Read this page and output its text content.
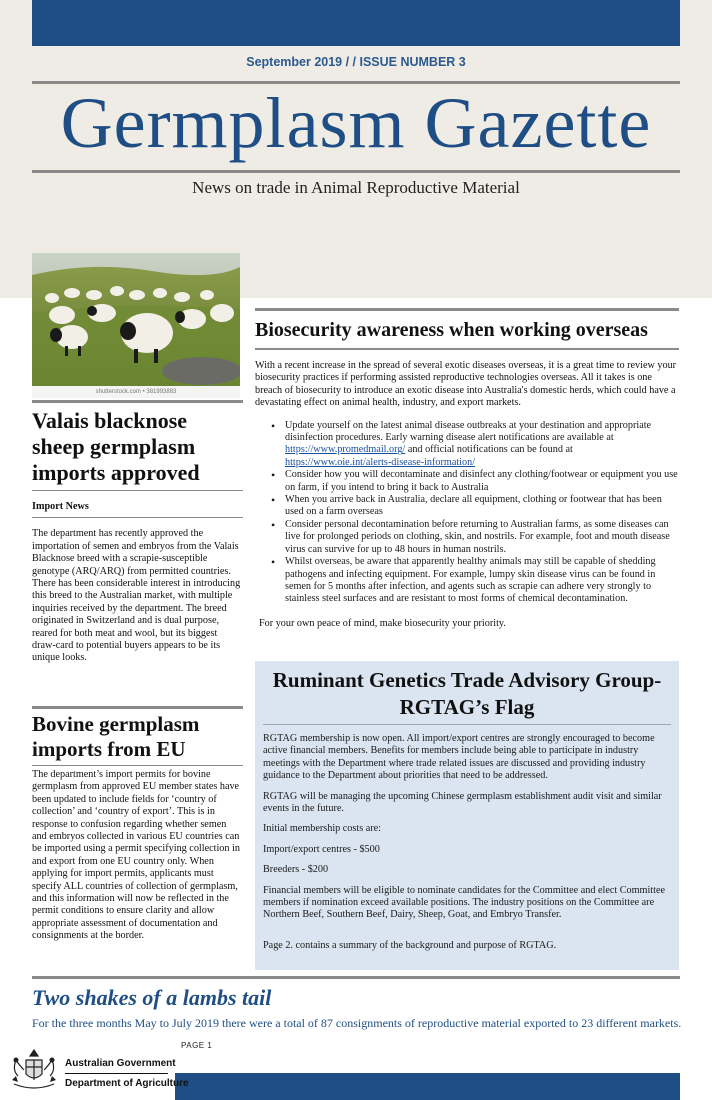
September 2019 / / ISSUE NUMBER 3
Germplasm Gazette
News on trade in Animal Reproductive Material
shutterstock.com • 381993883
Valais blacknose sheep germplasm imports approved
Import News
The department has recently approved the importation of semen and embryos from the Valais Blacknose breed with a scrapie-susceptible genotype (ARQ/ARQ) from permitted countries. There has been considerable interest in introducing this breed to the Australian market, with multiple inquiries received by the department. The breed originated in Switzerland and is dual purpose, reared for both meat and wool, but its biggest draw-card to potential buyers appears to be its unique looks.
Bovine germplasm imports from EU
The department’s import permits for bovine germplasm from approved EU member states have been updated to include fields for ‘country of collection’ and ‘country of export’. This is in response to confusion regarding whether semen and embryos collected in various EU countries can be imported using a permit specifying collection in and export from one EU country only. When applying for import permits, applicants must specify ALL countries of collection of germplasm, and this information will now be reflected in the permit conditions to ensure clarity and allow appropriate assessment of documentation and consignments at the border.
Biosecurity awareness when working overseas
With a recent increase in the spread of several exotic diseases overseas, it is a great time to review your biosecurity practices if performing assisted reproductive technologies overseas. All it takes is one breach of biosecurity to introduce an exotic disease into Australia's domestic herds, which could have a devastating effect on animal health, industry, and export markets.
• Update yourself on the latest animal disease outbreaks at your destination and appropriate disinfection procedures. Early warning disease alert notifications are available at
https://www.promedmail.org/ and official notifications can be found at
https://www.oie.int/alerts-disease-information/
• Consider how you will decontaminate and disinfect any clothing/footwear or equipment you use on farm, if you intend to bring it back to Australia
• When you arrive back in Australia, declare all equipment, clothing or footwear that has been used on a farm overseas
• Consider personal decontamination before returning to Australian farms, as some diseases can live for prolonged periods on clothing, skin, and nostrils. For example, foot and mouth disease virus can survive for up to 48 hours in human nostrils.
• Whilst overseas, be aware that apparently healthy animals may still be capable of shedding pathogens and infecting equipment. For example, lumpy skin disease virus can be found in semen for 5 months after infection, and agents such as scrapie can adhere very strongly to stainless steel surfaces and are resistant to most forms of chemical decontamination.
For your own peace of mind, make biosecurity your priority.
Ruminant Genetics Trade Advisory Group-
RGTAG’s Flag

RGTAG membership is now open. All import/export centres are strongly encouraged to become active financial members. Benefits for members include being able to participate in industry meetings with the Department where trade related issues are discussed and providing industry guidance to the Department about priorities that need to be addressed.

RGTAG will be managing the upcoming Chinese germplasm establishment audit visit and similar events in the future.

Initial membership costs are:

Import/export centres - $500

Breeders - $200

Financial members will be eligible to nominate candidates for the Committee and elect Committee members if nomination exceed available positions. The industry positions on the Committee are Northern Beef, Southern Beef, Dairy, Sheep, Goat, and Embryo Transfer.

Page 2. contains a summary of the background and purpose of RGTAG.

Two shakes of a lambs tail
For the three months May to July 2019 there were a total of 87 consignments of reproductive material exported to 23 different markets.
PAGE 1
Australian Government
Department of Agriculture
